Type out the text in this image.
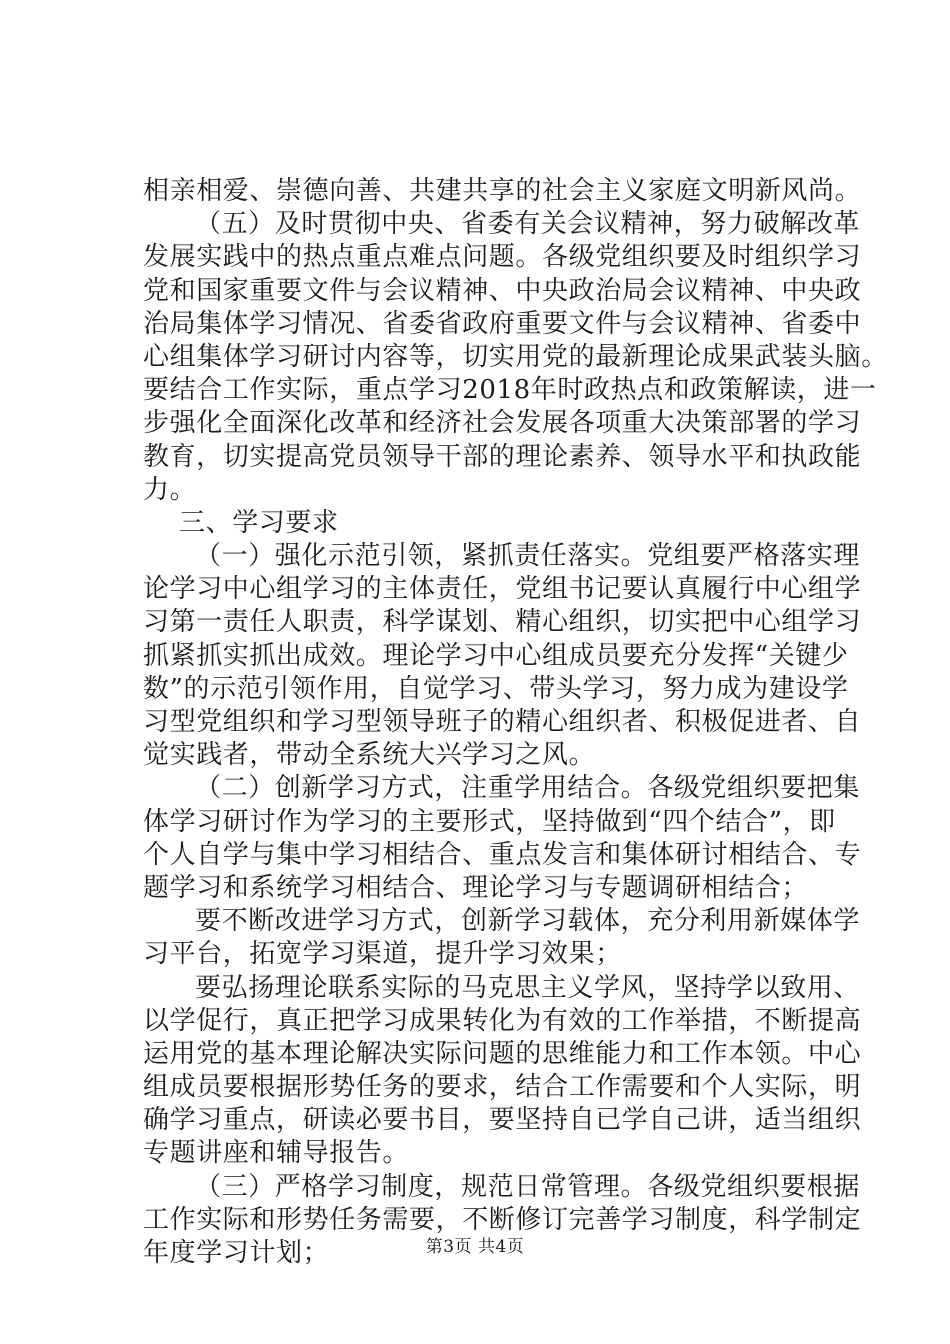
相亲相爱、崇德向善、共建共享的社会主义家庭文明新风尚。
（五）及时贯彻中央、省委有关会议精神，努力破解改革
发展实践中的热点重点难点问题。各级党组织要及时组织学习
党和国家重要文件与会议精神、中央政治局会议精神、中央政
治局集体学习情况、省委省政府重要文件与会议精神、省委中
心组集体学习研讨内容等，切实用党的最新理论成果武装头脑。
要结合工作实际，重点学习2018年时政热点和政策解读，进一
步强化全面深化改革和经济社会发展各项重大决策部署的学习
教育，切实提高党员领导干部的理论素养、领导水平和执政能
力。
三、学习要求
（一）强化示范引领，紧抓责任落实。党组要严格落实理
论学习中心组学习的主体责任，党组书记要认真履行中心组学
习第一责任人职责，科学谋划、精心组织，切实把中心组学习
抓紧抓实抓出成效。理论学习中心组成员要充分发挥“关键少
数”的示范引领作用，自觉学习、带头学习，努力成为建设学
习型党组织和学习型领导班子的精心组织者、积极促进者、自
觉实践者，带动全系统大兴学习之风。
（二）创新学习方式，注重学用结合。各级党组织要把集
体学习研讨作为学习的主要形式，坚持做到“四个结合”，即
个人自学与集中学习相结合、重点发言和集体研讨相结合、专
题学习和系统学习相结合、理论学习与专题调研相结合；
要不断改进学习方式，创新学习载体，充分利用新媒体学
习平台，拓宽学习渠道，提升学习效果；
要弘扬理论联系实际的马克思主义学风，坚持学以致用、
以学促行，真正把学习成果转化为有效的工作举措，不断提高
运用党的基本理论解决实际问题的思维能力和工作本领。中心
组成员要根据形势任务的要求，结合工作需要和个人实际，明
确学习重点，研读必要书目，要坚持自已学自己讲，适当组织
专题讲座和辅导报告。
（三）严格学习制度，规范日常管理。各级党组织要根据
工作实际和形势任务需要，不断修订完善学习制度，科学制定
年度学习计划；	第3页 共4页
